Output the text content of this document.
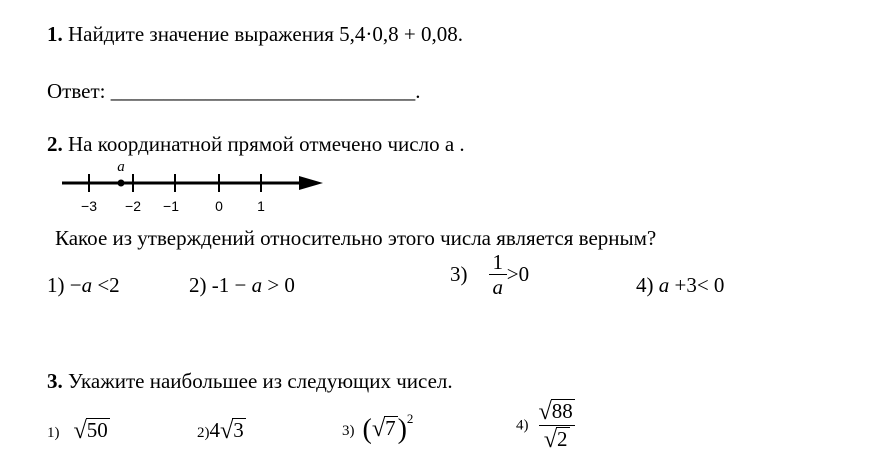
1. Найдите значение выражения 5,4·0,8 + 0,08.
Ответ: _____________________________.
2. На координатной прямой отмечено число а .
a
−3 −2 −1	0 1
Какое из утверждений относительно этого числа является верным?
1) −a <2	2) -1 − a > 0	$3) \frac{1}{a} >0$	4) a +3< 0
3. Укажите наибольшее из следующих чисел.
1) √50	2)4√3	3) $(√7)^2$	$4) \frac{√88}{√2}$
